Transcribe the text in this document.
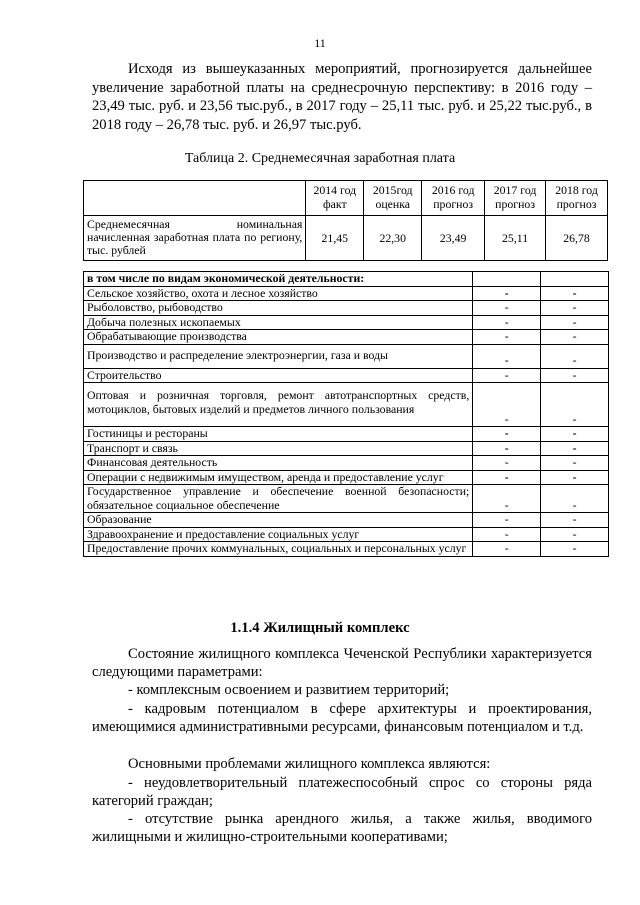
11

Исходя из вышеуказанных мероприятий, прогнозируется дальнейшее увеличение заработной платы на среднесрочную перспективу: в 2016 году – 23,49 тыс. руб. и 23,56 тыс.руб., в 2017 году – 25,11 тыс. руб. и 25,22 тыс.руб., в 2018 году – 26,78 тыс. руб. и 26,97 тыс.руб.

Таблица 2. Среднемесячная заработная плата
	2014 год факт	2015год оценка	2016 год прогноз	2017 год прогноз	2018 год прогноз
Среднемесячная номинальная начисленная заработная плата по региону, тыс. рублей	21,45	22,30	23,49	25,11	26,78
в том числе по видам экономической деятельности:		
Сельское хозяйство, охота и лесное хозяйство	-	-
Рыболовство, рыбоводство	-	-
Добыча полезных ископаемых	-	-
Обрабатывающие производства	-	-
Производство и распределение электроэнергии, газа и воды	-	-
Строительство	-	-
Оптовая и розничная торговля, ремонт автотранспортных средств, мотоциклов, бытовых изделий и предметов личного пользования	-	-
Гостиницы и рестораны	-	-
Транспорт и связь	-	-
Финансовая деятельность	-	-
Операции с недвижимым имуществом, аренда и предоставление услуг	-	-
Государственное управление и обеспечение военной безопасности; обязательное социальное обеспечение	-	-
Образование	-	-
Здравоохранение и предоставление социальных услуг	-	-
Предоставление прочих коммунальных, социальных и персональных услуг	-	-
1.1.4 Жилищный комплекс

Состояние жилищного комплекса Чеченской Республики характеризуется следующими параметрами:

- комплексным освоением и развитием территорий;

- кадровым потенциалом в сфере архитектуры и проектирования, имеющимися административными ресурсами, финансовым потенциалом и т.д.

Основными проблемами жилищного комплекса являются:

- неудовлетворительный платежеспособный спрос со стороны ряда категорий граждан;

- отсутствие рынка арендного жилья, а также жилья, вводимого жилищными и жилищно-строительными кооперативами;
